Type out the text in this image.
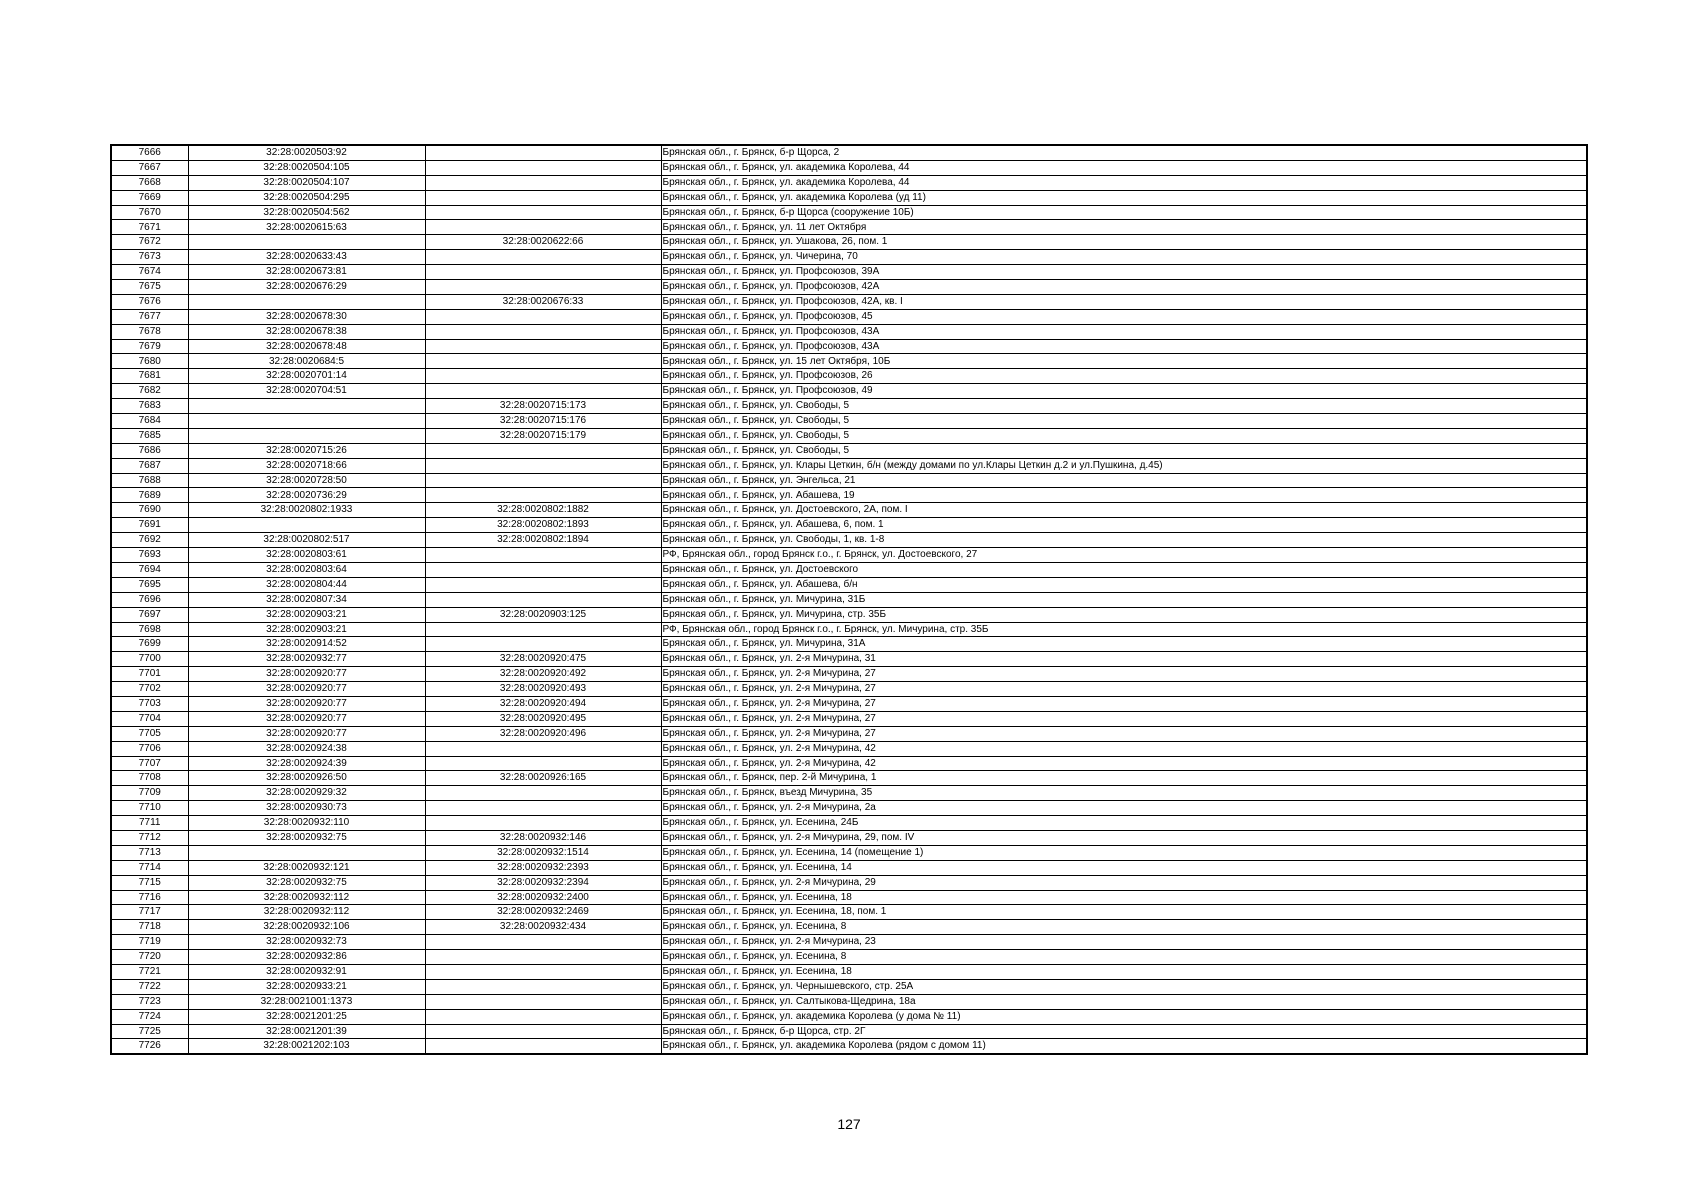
7666	32:28:0020503:92		Брянская обл., г. Брянск, б-р Щорса, 2
7667	32:28:0020504:105		Брянская обл., г. Брянск, ул. академика Королева, 44
7668	32:28:0020504:107		Брянская обл., г. Брянск, ул. академика Королева, 44
7669	32:28:0020504:295		Брянская обл., г. Брянск, ул. академика Королева (уд 11)
7670	32:28:0020504:562		Брянская обл., г. Брянск, б-р Щорса (сооружение 10Б)
7671	32:28:0020615:63		Брянская обл., г. Брянск, ул. 11 лет Октября
7672		32:28:0020622:66	Брянская обл., г. Брянск, ул. Ушакова, 26, пом. 1
7673	32:28:0020633:43		Брянская обл., г. Брянск, ул. Чичерина, 70
7674	32:28:0020673:81		Брянская обл., г. Брянск, ул. Профсоюзов, 39А
7675	32:28:0020676:29		Брянская обл., г. Брянск, ул. Профсоюзов, 42А
7676		32:28:0020676:33	Брянская обл., г. Брянск, ул. Профсоюзов, 42А, кв. I
7677	32:28:0020678:30		Брянская обл., г. Брянск, ул. Профсоюзов, 45
7678	32:28:0020678:38		Брянская обл., г. Брянск, ул. Профсоюзов, 43А
7679	32:28:0020678:48		Брянская обл., г. Брянск, ул. Профсоюзов, 43А
7680	32:28:0020684:5		Брянская обл., г. Брянск, ул. 15 лет Октября, 10Б
7681	32:28:0020701:14		Брянская обл., г. Брянск, ул. Профсоюзов, 26
7682	32:28:0020704:51		Брянская обл., г. Брянск, ул. Профсоюзов, 49
7683		32:28:0020715:173	Брянская обл., г. Брянск, ул. Свободы, 5
7684		32:28:0020715:176	Брянская обл., г. Брянск, ул. Свободы, 5
7685		32:28:0020715:179	Брянская обл., г. Брянск, ул. Свободы, 5
7686	32:28:0020715:26		Брянская обл., г. Брянск, ул. Свободы, 5
7687	32:28:0020718:66		Брянская обл., г. Брянск, ул. Клары Цеткин, б/н (между домами по ул.Клары Цеткин д.2 и ул.Пушкина, д.45)
7688	32:28:0020728:50		Брянская обл., г. Брянск, ул. Энгельса, 21
7689	32:28:0020736:29		Брянская обл., г. Брянск, ул. Абашева, 19
7690	32:28:0020802:1933	32:28:0020802:1882	Брянская обл., г. Брянск, ул. Достоевского, 2А, пом. I
7691		32:28:0020802:1893	Брянская обл., г. Брянск, ул. Абашева, 6, пом. 1
7692	32:28:0020802:517	32:28:0020802:1894	Брянская обл., г. Брянск, ул. Свободы, 1, кв. 1-8
7693	32:28:0020803:61		РФ, Брянская обл., город Брянск г.о., г. Брянск, ул. Достоевского, 27
7694	32:28:0020803:64		Брянская обл., г. Брянск, ул. Достоевского
7695	32:28:0020804:44		Брянская обл., г. Брянск, ул. Абашева, б/н
7696	32:28:0020807:34		Брянская обл., г. Брянск, ул. Мичурина, 31Б
7697	32:28:0020903:21	32:28:0020903:125	Брянская обл., г. Брянск, ул. Мичурина, стр. 35Б
7698	32:28:0020903:21		РФ, Брянская обл., город Брянск г.о., г. Брянск, ул. Мичурина, стр. 35Б
7699	32:28:0020914:52		Брянская обл., г. Брянск, ул. Мичурина, 31А
7700	32:28:0020932:77	32:28:0020920:475	Брянская обл., г. Брянск, ул. 2-я Мичурина, 31
7701	32:28:0020920:77	32:28:0020920:492	Брянская обл., г. Брянск, ул. 2-я Мичурина, 27
7702	32:28:0020920:77	32:28:0020920:493	Брянская обл., г. Брянск, ул. 2-я Мичурина, 27
7703	32:28:0020920:77	32:28:0020920:494	Брянская обл., г. Брянск, ул. 2-я Мичурина, 27
7704	32:28:0020920:77	32:28:0020920:495	Брянская обл., г. Брянск, ул. 2-я Мичурина, 27
7705	32:28:0020920:77	32:28:0020920:496	Брянская обл., г. Брянск, ул. 2-я Мичурина, 27
7706	32:28:0020924:38		Брянская обл., г. Брянск, ул. 2-я Мичурина, 42
7707	32:28:0020924:39		Брянская обл., г. Брянск, ул. 2-я Мичурина, 42
7708	32:28:0020926:50	32:28:0020926:165	Брянская обл., г. Брянск, пер. 2-й Мичурина, 1
7709	32:28:0020929:32		Брянская обл., г. Брянск, въезд Мичурина, 35
7710	32:28:0020930:73		Брянская обл., г. Брянск, ул. 2-я Мичурина, 2а
7711	32:28:0020932:110		Брянская обл., г. Брянск, ул. Есенина, 24Б
7712	32:28:0020932:75	32:28:0020932:146	Брянская обл., г. Брянск, ул. 2-я Мичурина, 29, пом. IV
7713		32:28:0020932:1514	Брянская обл., г. Брянск, ул. Есенина, 14 (помещение 1)
7714	32:28:0020932:121	32:28:0020932:2393	Брянская обл., г. Брянск, ул. Есенина, 14
7715	32:28:0020932:75	32:28:0020932:2394	Брянская обл., г. Брянск, ул. 2-я Мичурина, 29
7716	32:28:0020932:112	32:28:0020932:2400	Брянская обл., г. Брянск, ул. Есенина, 18
7717	32:28:0020932:112	32:28:0020932:2469	Брянская обл., г. Брянск, ул. Есенина, 18, пом. 1
7718	32:28:0020932:106	32:28:0020932:434	Брянская обл., г. Брянск, ул. Есенина, 8
7719	32:28:0020932:73		Брянская обл., г. Брянск, ул. 2-я Мичурина, 23
7720	32:28:0020932:86		Брянская обл., г. Брянск, ул. Есенина, 8
7721	32:28:0020932:91		Брянская обл., г. Брянск, ул. Есенина, 18
7722	32:28:0020933:21		Брянская обл., г. Брянск, ул. Чернышевского, стр. 25А
7723	32:28:0021001:1373		Брянская обл., г. Брянск, ул. Салтыкова-Щедрина, 18а
7724	32:28:0021201:25		Брянская обл., г. Брянск, ул. академика Королева (у дома № 11)
7725	32:28:0021201:39		Брянская обл., г. Брянск, б-р Щорса, стр. 2Г
7726	32:28:0021202:103		Брянская обл., г. Брянск, ул. академика Королева (рядом с домом 11)
127
